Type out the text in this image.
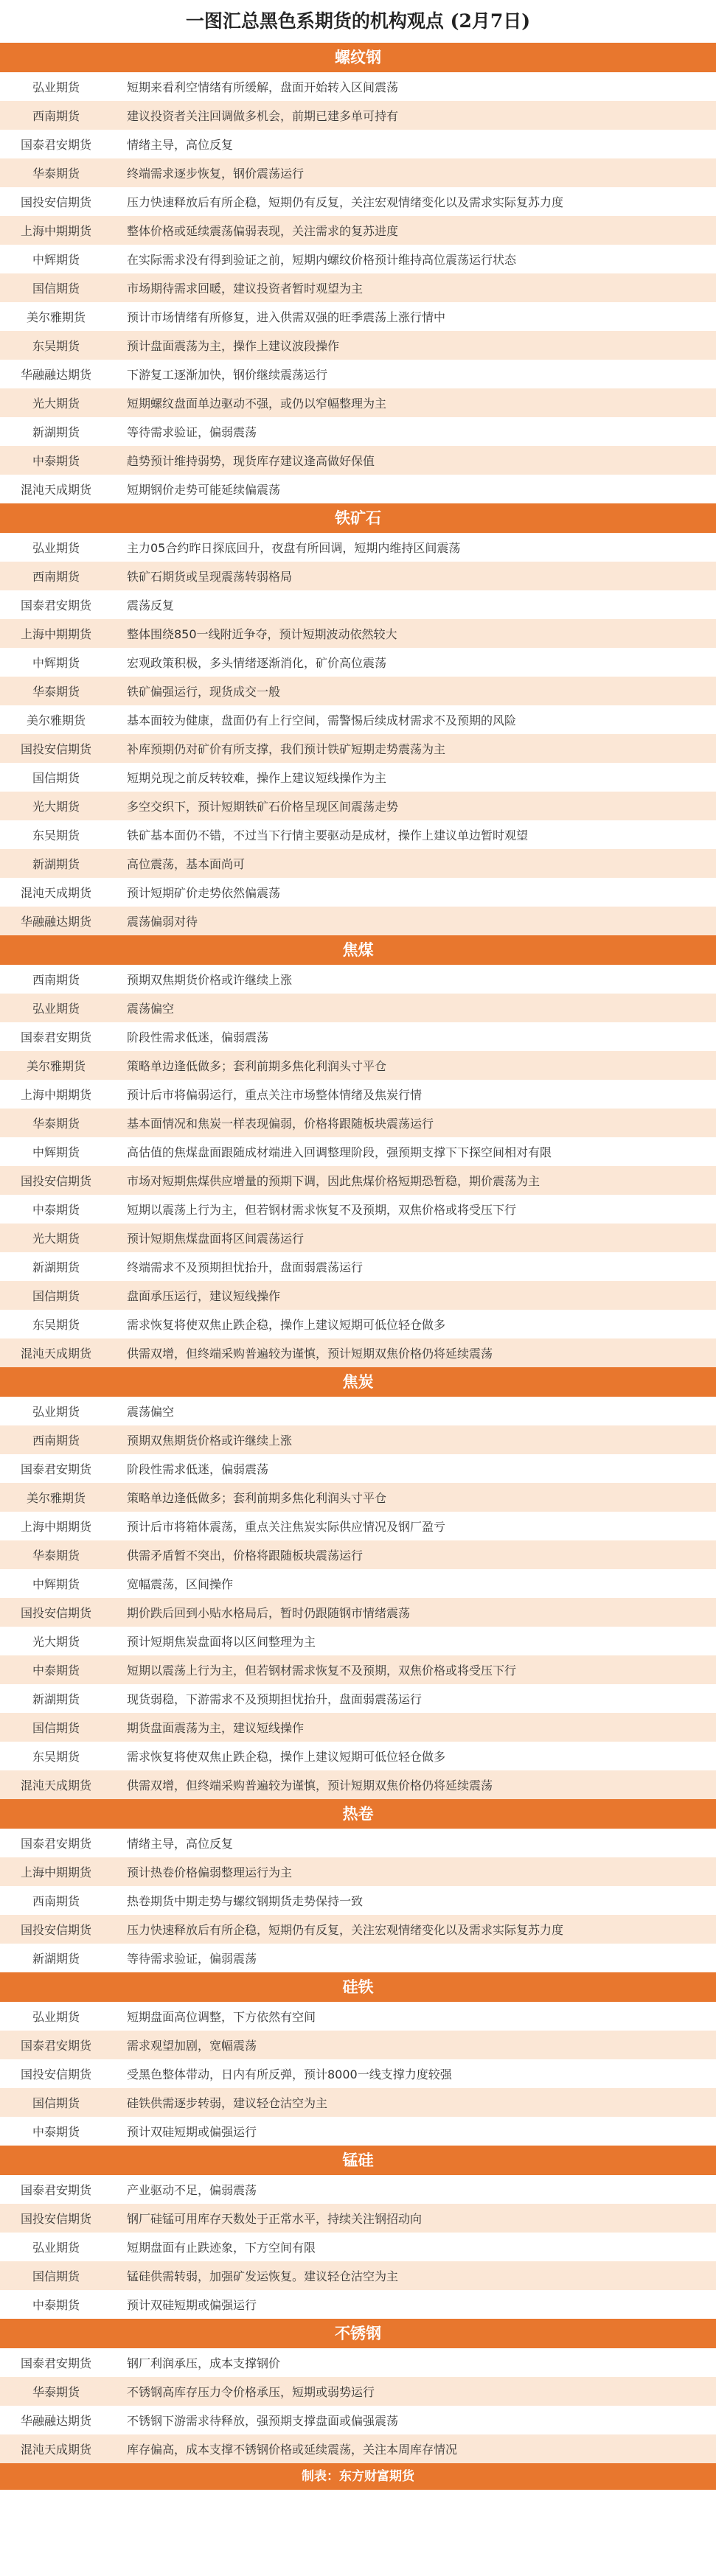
一图汇总黑色系期货的机构观点 (2月7日)
螺纹钢
弘业期货	短期来看利空情绪有所缓解，盘面开始转入区间震荡
西南期货	建议投资者关注回调做多机会，前期已建多单可持有
国泰君安期货	情绪主导，高位反复
华泰期货	终端需求逐步恢复，钢价震荡运行
国投安信期货	压力快速释放后有所企稳，短期仍有反复，关注宏观情绪变化以及需求实际复苏力度
上海中期期货	整体价格或延续震荡偏弱表现，关注需求的复苏进度
中辉期货	在实际需求没有得到验证之前，短期内螺纹价格预计维持高位震荡运行状态
国信期货	市场期待需求回暖，建议投资者暂时观望为主
美尔雅期货	预计市场情绪有所修复，进入供需双强的旺季震荡上涨行情中
东吴期货	预计盘面震荡为主，操作上建议波段操作
华融融达期货	下游复工逐渐加快，钢价继续震荡运行
光大期货	短期螺纹盘面单边驱动不强，或仍以窄幅整理为主
新湖期货	等待需求验证，偏弱震荡
中泰期货	趋势预计维持弱势，现货库存建议逢高做好保值
混沌天成期货	短期钢价走势可能延续偏震荡
铁矿石
弘业期货	主力05合约昨日探底回升，夜盘有所回调，短期内维持区间震荡
西南期货	铁矿石期货或呈现震荡转弱格局
国泰君安期货	震荡反复
上海中期期货	整体围绕850一线附近争夺，预计短期波动依然较大
中辉期货	宏观政策积极，多头情绪逐渐消化，矿价高位震荡
华泰期货	铁矿偏强运行，现货成交一般
美尔雅期货	基本面较为健康，盘面仍有上行空间，需警惕后续成材需求不及预期的风险
国投安信期货	补库预期仍对矿价有所支撑，我们预计铁矿短期走势震荡为主
国信期货	短期兑现之前反转较难，操作上建议短线操作为主
光大期货	多空交织下，预计短期铁矿石价格呈现区间震荡走势
东吴期货	铁矿基本面仍不错，不过当下行情主要驱动是成材，操作上建议单边暂时观望
新湖期货	高位震荡，基本面尚可
混沌天成期货	预计短期矿价走势依然偏震荡
华融融达期货	震荡偏弱对待
焦煤
西南期货	预期双焦期货价格或许继续上涨
弘业期货	震荡偏空
国泰君安期货	阶段性需求低迷，偏弱震荡
美尔雅期货	策略单边逢低做多；套利前期多焦化利润头寸平仓
上海中期期货	预计后市将偏弱运行，重点关注市场整体情绪及焦炭行情
华泰期货	基本面情况和焦炭一样表现偏弱，价格将跟随板块震荡运行
中辉期货	高估值的焦煤盘面跟随成材端进入回调整理阶段，强预期支撑下下探空间相对有限
国投安信期货	市场对短期焦煤供应增量的预期下调，因此焦煤价格短期恐暂稳，期价震荡为主
中泰期货	短期以震荡上行为主，但若钢材需求恢复不及预期，双焦价格或将受压下行
光大期货	预计短期焦煤盘面将区间震荡运行
新湖期货	终端需求不及预期担忧抬升，盘面弱震荡运行
国信期货	盘面承压运行，建议短线操作
东吴期货	需求恢复将使双焦止跌企稳，操作上建议短期可低位轻仓做多
混沌天成期货	供需双增，但终端采购普遍较为谨慎，预计短期双焦价格仍将延续震荡
焦炭
弘业期货	震荡偏空
西南期货	预期双焦期货价格或许继续上涨
国泰君安期货	阶段性需求低迷，偏弱震荡
美尔雅期货	策略单边逢低做多；套利前期多焦化利润头寸平仓
上海中期期货	预计后市将箱体震荡，重点关注焦炭实际供应情况及钢厂盈亏
华泰期货	供需矛盾暂不突出，价格将跟随板块震荡运行
中辉期货	宽幅震荡，区间操作
国投安信期货	期价跌后回到小贴水格局后，暂时仍跟随钢市情绪震荡
光大期货	预计短期焦炭盘面将以区间整理为主
中泰期货	短期以震荡上行为主，但若钢材需求恢复不及预期，双焦价格或将受压下行
新湖期货	现货弱稳，下游需求不及预期担忧抬升，盘面弱震荡运行
国信期货	期货盘面震荡为主，建议短线操作
东吴期货	需求恢复将使双焦止跌企稳，操作上建议短期可低位轻仓做多
混沌天成期货	供需双增，但终端采购普遍较为谨慎，预计短期双焦价格仍将延续震荡
热卷
国泰君安期货	情绪主导，高位反复
上海中期期货	预计热卷价格偏弱整理运行为主
西南期货	热卷期货中期走势与螺纹钢期货走势保持一致
国投安信期货	压力快速释放后有所企稳，短期仍有反复，关注宏观情绪变化以及需求实际复苏力度
新湖期货	等待需求验证，偏弱震荡
硅铁
弘业期货	短期盘面高位调整，下方依然有空间
国泰君安期货	需求观望加剧，宽幅震荡
国投安信期货	受黑色整体带动，日内有所反弹，预计8000一线支撑力度较强
国信期货	硅铁供需逐步转弱，建议轻仓沽空为主
中泰期货	预计双硅短期或偏强运行
锰硅
国泰君安期货	产业驱动不足，偏弱震荡
国投安信期货	钢厂硅锰可用库存天数处于正常水平，持续关注钢招动向
弘业期货	短期盘面有止跌迹象，下方空间有限
国信期货	锰硅供需转弱，加强矿发运恢复。建议轻仓沽空为主
中泰期货	预计双硅短期或偏强运行
不锈钢
国泰君安期货	钢厂利润承压，成本支撑钢价
华泰期货	不锈钢高库存压力令价格承压，短期或弱势运行
华融融达期货	不锈钢下游需求待释放，强预期支撑盘面或偏强震荡
混沌天成期货	库存偏高，成本支撑不锈钢价格或延续震荡，关注本周库存情况
制表：东方财富期货
